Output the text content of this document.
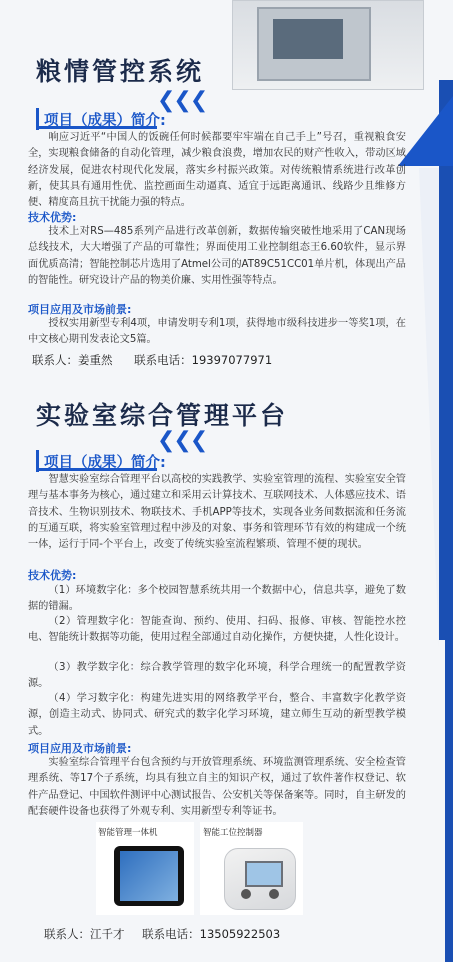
粮情管控系统
项目（成果）简介:
❮❮❮
响应习近平“中国人的饭碗任何时候都要牢牢端在自己手上”号召，重视粮食安全，实现粮食储备的自动化管理，减少粮食浪费，增加农民的财产性收入，带动区域经济发展，促进农村现代化发展，落实乡村振兴政策。对传统粮情系统进行改革创新，使其具有通用性优、监控画面生动逼真、适宜于远距离通讯、线路少且维修方便、精度高且抗干扰能力强的特点。
技术优势:
技术上对RS—485系列产品进行改革创新，数据传输突破性地采用了CAN现场总线技术，大大增强了产品的可靠性；界面使用工业控制组态王6.60软件，显示界面优质高清；智能控制芯片选用了Atmel公司的AT89C51CC01单片机，体现出产品的智能性。研究设计产品的物美价廉、实用性强等特点。
项目应用及市场前景:
授权实用新型专利4项，申请发明专利1项，获得地市级科技进步一等奖1项，在中文核心期刊发表论文5篇。
联系人：姜重然 联系电话：19397077971
实验室综合管理平台
❮❮❮
项目（成果）简介:
智慧实验室综合管理平台以高校的实践教学、实验室管理的流程、实验室安全管理与基本事务为核心，通过建立和采用云计算技术、互联网技术、人体感应技术、语音技术、生物识别技术、物联技术、手机APP等技术，实现各业务间数据流和任务流的互通互联，将实验室管理过程中涉及的对象、事务和管理环节有效的构建成一个统一体，运行于同-个平台上，改变了传统实验室流程繁琐、管理不便的现状。
技术优势:
（1）环境数字化：多个校园智慧系统共用一个数据中心，信息共享，避免了数据的错漏。
（2）管理数字化：智能查询、预约、使用、扫码、报修、审核、智能控水控电、智能统计数据等功能，使用过程全部通过自动化操作，方便快捷，人性化设计。
（3）教学数字化：综合教学管理的数字化环境，科学合理统一的配置教学资源。
（4）学习数字化：构建先进实用的网络教学平台，整合、丰富数字化教学资源，创造主动式、协同式、研究式的数字化学习环境，建立师生互动的新型教学模式。
项目应用及市场前景:
实验室综合管理平台包含预约与开放管理系统、环境监测管理系统、安全检查管理系统、等17个子系统，均具有独立自主的知识产权，通过了软件著作权登记、软件产品登记、中国软件测评中心测试报告、公安机关等保备案等。同时，自主研发的配套硬件设备也获得了外观专利、实用新型专利等证书。
智能管理一体机	智能工位控制器
联系人：江千才 联系电话：13505922503
